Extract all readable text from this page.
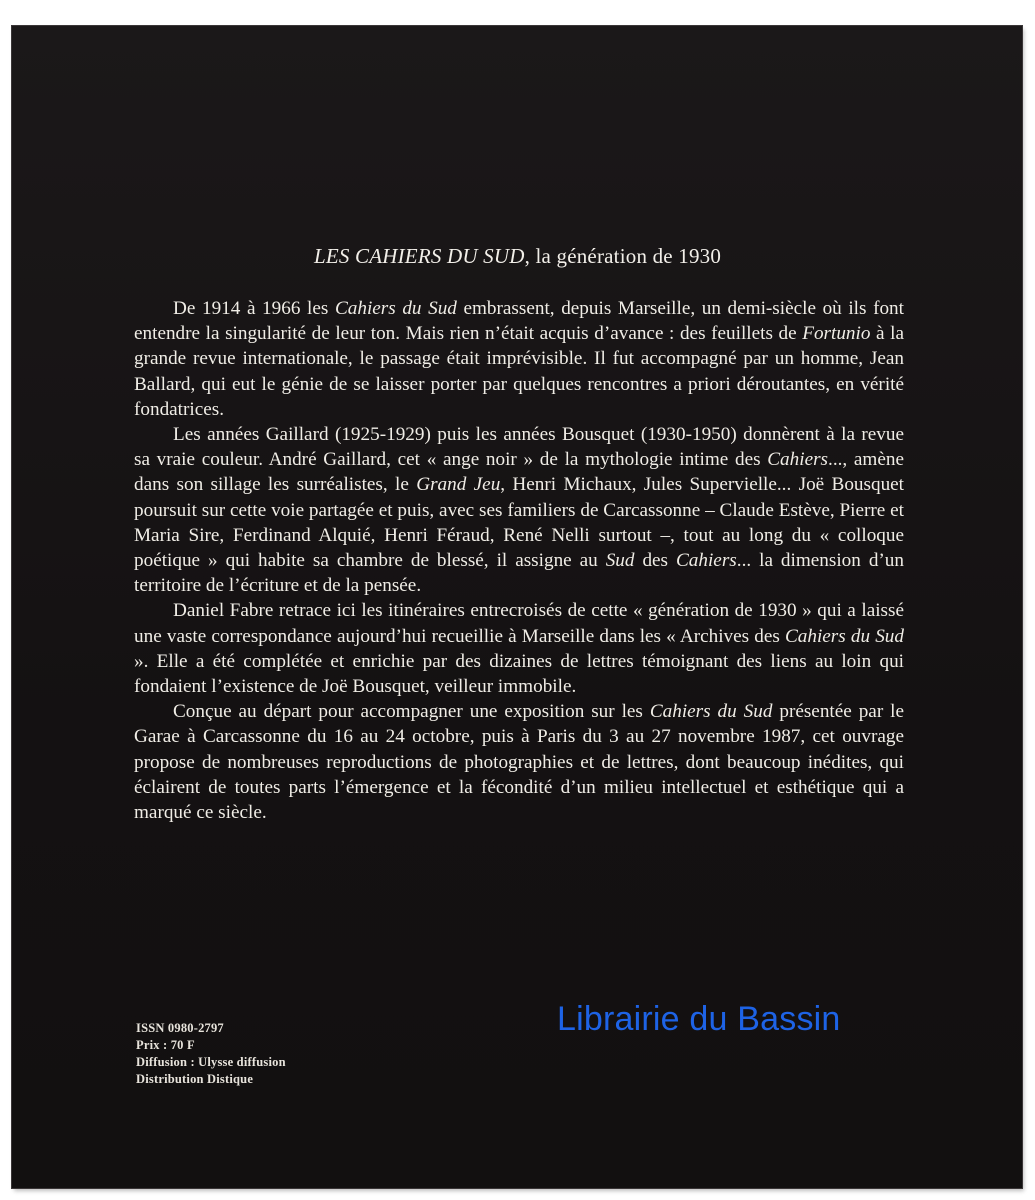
LES CAHIERS DU SUD, la génération de 1930

De 1914 à 1966 les Cahiers du Sud embrassent, depuis Marseille, un demi-siècle où ils font entendre la singularité de leur ton. Mais rien n’était acquis d’avance : des feuillets de Fortunio à la grande revue internationale, le passage était imprévisible. Il fut accompagné par un homme, Jean Ballard, qui eut le génie de se laisser porter par quelques rencontres a priori déroutantes, en vérité fondatrices.

Les années Gaillard (1925-1929) puis les années Bousquet (1930-1950) donnèrent à la revue sa vraie couleur. André Gaillard, cet « ange noir » de la mythologie intime des Cahiers..., amène dans son sillage les surréalistes, le Grand Jeu, Henri Michaux, Jules Supervielle... Joë Bousquet poursuit sur cette voie partagée et puis, avec ses familiers de Carcassonne – Claude Estève, Pierre et Maria Sire, Ferdinand Alquié, Henri Féraud, René Nelli surtout –, tout au long du « colloque poétique » qui habite sa chambre de blessé, il assigne au Sud des Cahiers... la dimension d’un territoire de l’écriture et de la pensée.

Daniel Fabre retrace ici les itinéraires entrecroisés de cette « génération de 1930 » qui a laissé une vaste correspondance aujourd’hui recueillie à Marseille dans les « Archives des Cahiers du Sud ». Elle a été complétée et enrichie par des dizaines de lettres témoignant des liens au loin qui fondaient l’existence de Joë Bousquet, veilleur immobile.

Conçue au départ pour accompagner une exposition sur les Cahiers du Sud présentée par le Garae à Carcassonne du 16 au 24 octobre, puis à Paris du 3 au 27 novembre 1987, cet ouvrage propose de nombreuses reproductions de photographies et de lettres, dont beaucoup inédites, qui éclairent de toutes parts l’émergence et la fécondité d’un milieu intellectuel et esthétique qui a marqué ce siècle.

ISSN 0980-2797
Prix : 70 F
Diffusion : Ulysse diffusion
Distribution Distique
Librairie du Bassin
